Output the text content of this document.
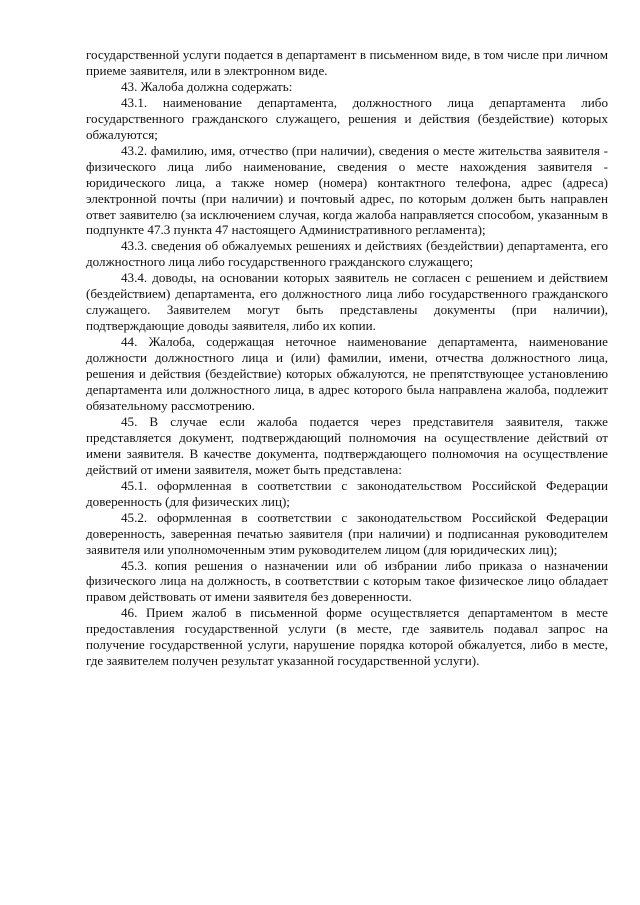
государственной услуги подается в департамент в письменном виде, в том числе при личном приеме заявителя, или в электронном виде.

43. Жалоба должна содержать:

43.1. наименование департамента, должностного лица департамента либо государственного гражданского служащего, решения и действия (бездействие) которых обжалуются;

43.2. фамилию, имя, отчество (при наличии), сведения о месте жительства заявителя - физического лица либо наименование, сведения о месте нахождения заявителя - юридического лица, а также номер (номера) контактного телефона, адрес (адреса) электронной почты (при наличии) и почтовый адрес, по которым должен быть направлен ответ заявителю (за исключением случая, когда жалоба направляется способом, указанным в подпункте 47.3 пункта 47 настоящего Административного регламента);

43.3. сведения об обжалуемых решениях и действиях (бездействии) департамента, его должностного лица либо государственного гражданского служащего;

43.4. доводы, на основании которых заявитель не согласен с решением и действием (бездействием) департамента, его должностного лица либо государственного гражданского служащего. Заявителем могут быть представлены документы (при наличии), подтверждающие доводы заявителя, либо их копии.

44. Жалоба, содержащая неточное наименование департамента, наименование должности должностного лица и (или) фамилии, имени, отчества должностного лица, решения и действия (бездействие) которых обжалуются, не препятствующее установлению департамента или должностного лица, в адрес которого была направлена жалоба, подлежит обязательному рассмотрению.

45. В случае если жалоба подается через представителя заявителя, также представляется документ, подтверждающий полномочия на осуществление действий от имени заявителя. В качестве документа, подтверждающего полномочия на осуществление действий от имени заявителя, может быть представлена:

45.1. оформленная в соответствии с законодательством Российской Федерации доверенность (для физических лиц);

45.2. оформленная в соответствии с законодательством Российской Федерации доверенность, заверенная печатью заявителя (при наличии) и подписанная руководителем заявителя или уполномоченным этим руководителем лицом (для юридических лиц);

45.3. копия решения о назначении или об избрании либо приказа о назначении физического лица на должность, в соответствии с которым такое физическое лицо обладает правом действовать от имени заявителя без доверенности.

46. Прием жалоб в письменной форме осуществляется департаментом в месте предоставления государственной услуги (в месте, где заявитель подавал запрос на получение государственной услуги, нарушение порядка которой обжалуется, либо в месте, где заявителем получен результат указанной государственной услуги).
